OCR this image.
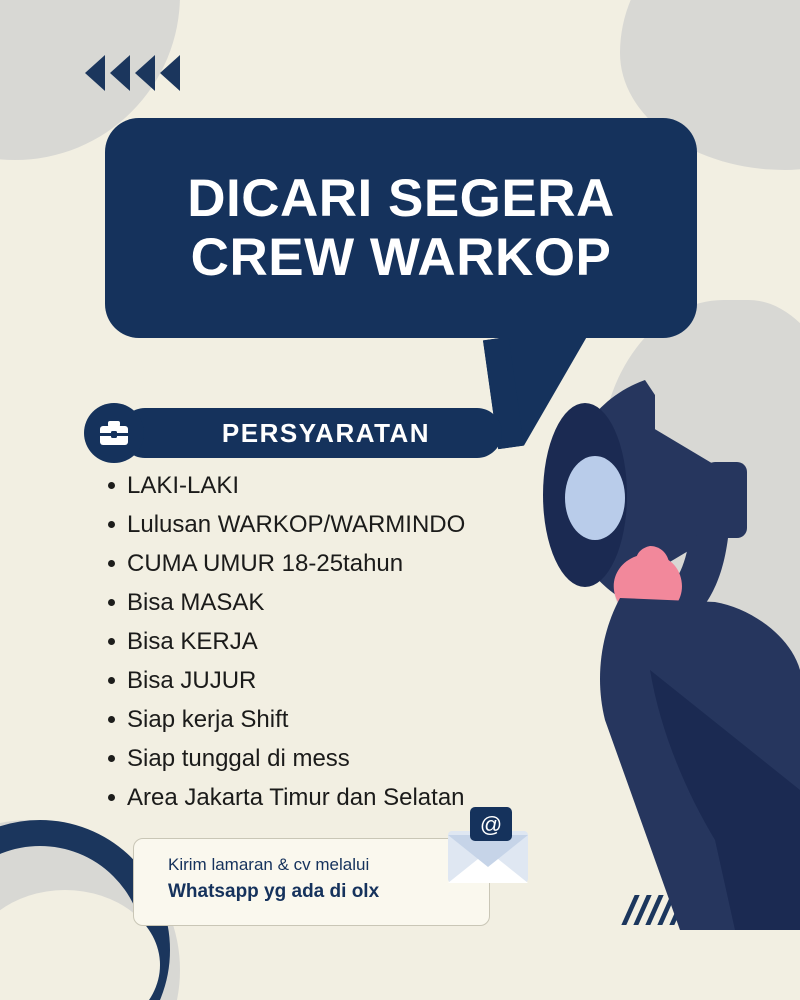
DICARI SEGERA
CREW WARKOP
PERSYARATAN
LAKI-LAKI
Lulusan WARKOP/WARMINDO
CUMA UMUR 18-25tahun
Bisa MASAK
Bisa KERJA
Bisa JUJUR
Siap kerja Shift
Siap tunggal di mess
Area Jakarta Timur dan Selatan
Kirim lamaran & cv melalui
Whatsapp yg ada di olx
@
